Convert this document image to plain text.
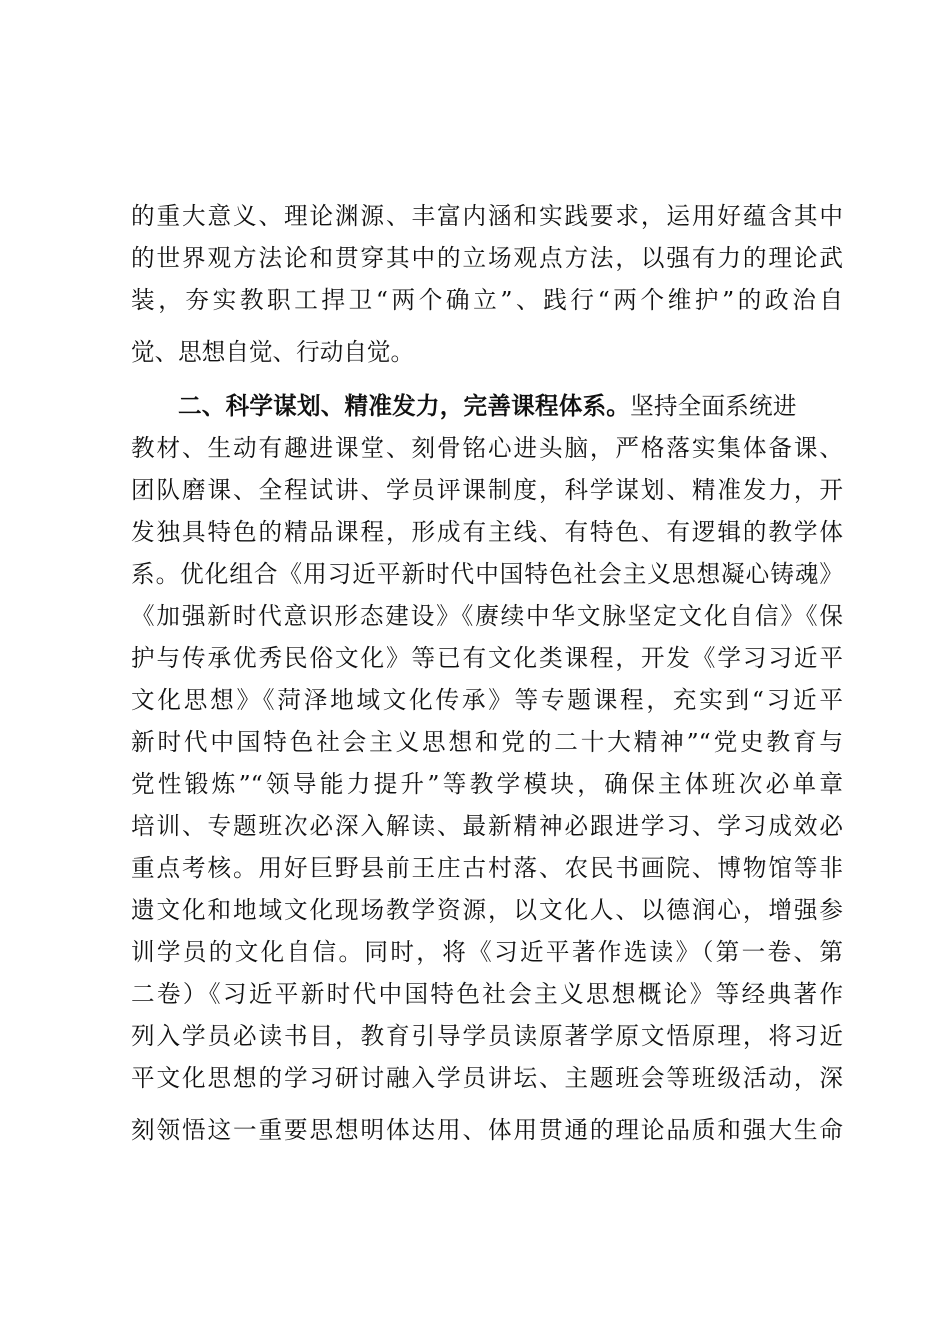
的重大意义、理论渊源、丰富内涵和实践要求，运用好蕴含其中
的世界观方法论和贯穿其中的立场观点方法，以强有力的理论武
装，夯实教职工捍卫“两个确立”、践行“两个维护”的政治自
觉、思想自觉、行动自觉。
二、科学谋划、精准发力，完善课程体系。坚持全面系统进
教材、生动有趣进课堂、刻骨铭心进头脑，严格落实集体备课、
团队磨课、全程试讲、学员评课制度，科学谋划、精准发力，开
发独具特色的精品课程，形成有主线、有特色、有逻辑的教学体
系。优化组合《用习近平新时代中国特色社会主义思想凝心铸魂》
《加强新时代意识形态建设》《赓续中华文脉坚定文化自信》《保
护与传承优秀民俗文化》等已有文化类课程，开发《学习习近平
文化思想》《菏泽地域文化传承》等专题课程，充实到“习近平
新时代中国特色社会主义思想和党的二十大精神”“党史教育与
党性锻炼”“领导能力提升”等教学模块，确保主体班次必单章
培训、专题班次必深入解读、最新精神必跟进学习、学习成效必
重点考核。用好巨野县前王庄古村落、农民书画院、博物馆等非
遗文化和地域文化现场教学资源，以文化人、以德润心，增强参
训学员的文化自信。同时，将《习近平著作选读》（第一卷、第
二卷）《习近平新时代中国特色社会主义思想概论》等经典著作
列入学员必读书目，教育引导学员读原著学原文悟原理，将习近
平文化思想的学习研讨融入学员讲坛、主题班会等班级活动，深
刻领悟这一重要思想明体达用、体用贯通的理论品质和强大生命
